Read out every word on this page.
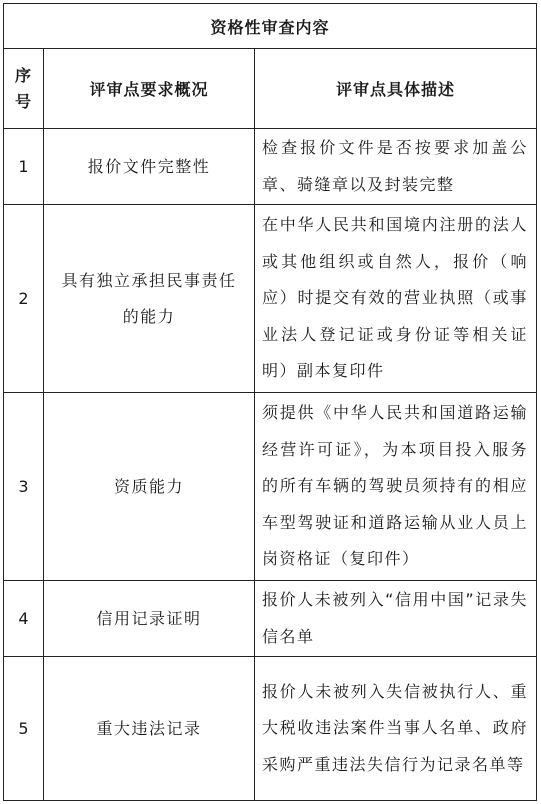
资格性审查内容		

序号	评审点要求概况	评审点具体描述
1	报价文件完整性	检查报价文件是否按要求加盖公章、骑缝章以及封装完整
2	具有独立承担民事责任的能力	在中华人民共和国境内注册的法人或其他组织或自然人，报价（响应）时提交有效的营业执照（或事业法人登记证或身份证等相关证明）副本复印件
3	资质能力	须提供《中华人民共和国道路运输经营许可证》，为本项目投入服务的所有车辆的驾驶员须持有的相应车型驾驶证和道路运输从业人员上岗资格证（复印件）
4	信用记录证明	报价人未被列入“信用中国”记录失信名单
5	重大违法记录	报价人未被列入失信被执行人、重大税收违法案件当事人名单、政府采购严重违法失信行为记录名单等
